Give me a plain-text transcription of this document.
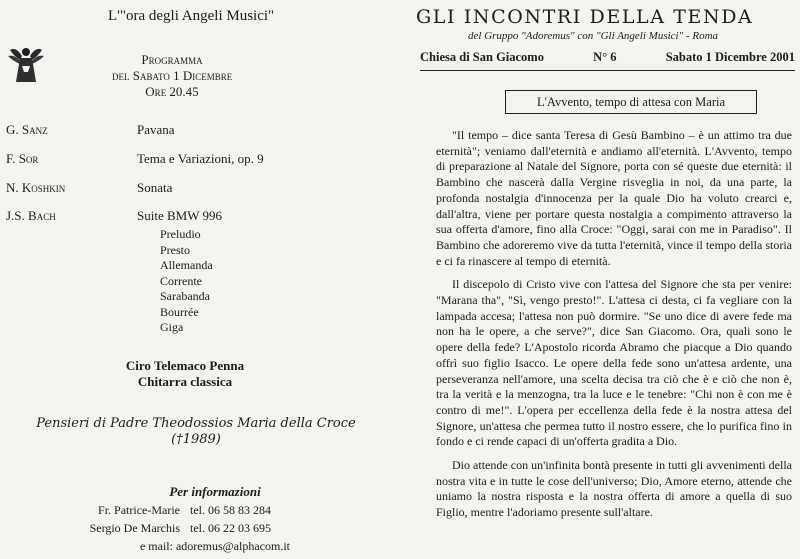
L'"ora degli Angeli Musici"
Programma
del Sabato 1 Dicembre
Ore 20.45
G. Sanz	Pavana
F. Sor	Tema e Variazioni, op. 9
N. Koshkin	Sonata
J.S. Bach	Suite BMW 996
Preludio
Presto
Allemanda
Corrente
Sarabanda
Bourrée
Giga
Ciro Telemaco Penna
Chitarra classica
Pensieri di Padre Theodossios Maria della Croce
(†1989)
Per informazioni
Fr. Patrice-Marie tel. 06 58 83 284
Sergio De Marchis tel. 06 22 03 695
e mail: adoremus@alphacom.it
GLI INCONTRI DELLA TENDA
del Gruppo "Adoremus" con "Gli Angeli Musici" - Roma
Chiesa di San Giacomo	N° 6	Sabato 1 Dicembre 2001
L'Avvento, tempo di attesa con Maria

"Il tempo – dice santa Teresa di Gesù Bambino – è un attimo tra due eternità"; veniamo dall'eternità e andiamo all'eternità. L'Avvento, tempo di preparazione al Natale del Signore, porta con sé queste due eternità: il Bambino che nascerà dalla Vergine risveglia in noi, da una parte, la profonda nostalgia d'innocenza per la quale Dio ha voluto crearci e, dall'altra, viene per portare questa nostalgia a compimento attraverso la sua offerta d'amore, fino alla Croce: "Oggi, sarai con me in Paradiso". Il Bambino che adoreremo vive da tutta l'eternità, vince il tempo della storia e ci fa rinascere al tempo di eternità.

Il discepolo di Cristo vive con l'attesa del Signore che sta per venire: "Marana tha", "Sì, vengo presto!". L'attesa ci desta, ci fa vegliare con la lampada accesa; l'attesa non può dormire. "Se uno dice di avere fede ma non ha le opere, a che serve?", dice San Giacomo. Ora, quali sono le opere della fede? L'Apostolo ricorda Abramo che piacque a Dio quando offrì suo figlio Isacco. Le opere della fede sono un'attesa ardente, una perseveranza nell'amore, una scelta decisa tra ciò che è e ciò che non è, tra la verità e la menzogna, tra la luce e le tenebre: "Chi non è con me è contro di me!". L'opera per eccellenza della fede è la nostra attesa del Signore, un'attesa che permea tutto il nostro essere, che lo purifica fino in fondo e ci rende capaci di un'offerta gradita a Dio.

Dio attende con un'infinita bontà presente in tutti gli avvenimenti della nostra vita e in tutte le cose dell'universo; Dio, Amore eterno, attende che uniamo la nostra risposta e la nostra offerta di amore a quella di suo Figlio, mentre l'adoriamo presente sull'altare.
